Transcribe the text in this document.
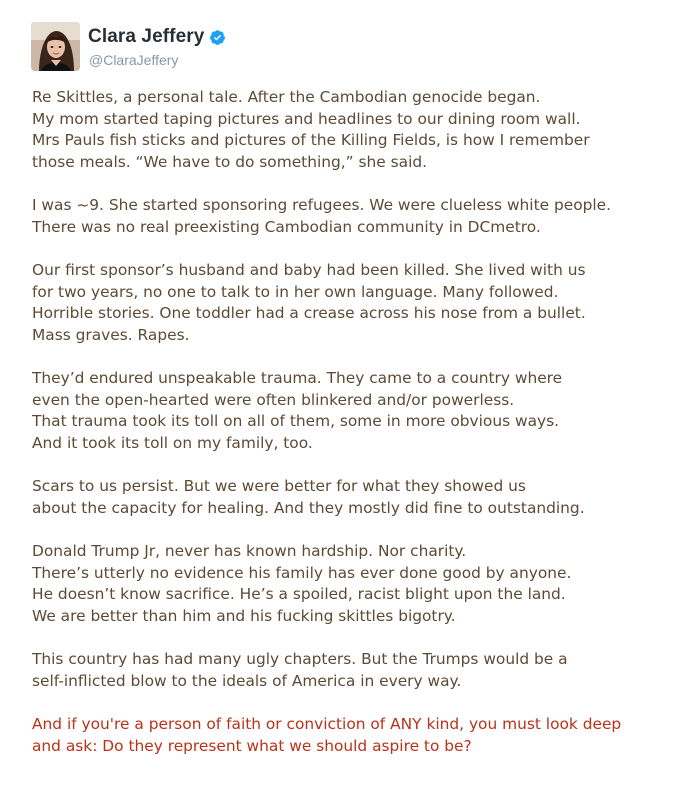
Clara Jeffery
@ClaraJeffery
Re Skittles, a personal tale. After the Cambodian genocide began.
My mom started taping pictures and headlines to our dining room wall.
Mrs Pauls fish sticks and pictures of the Killing Fields, is how I remember
those meals. “We have to do something,” she said.
I was ~9. She started sponsoring refugees. We were clueless white people.
There was no real preexisting Cambodian community in DCmetro.
Our first sponsor’s husband and baby had been killed. She lived with us
for two years, no one to talk to in her own language. Many followed.
Horrible stories. One toddler had a crease across his nose from a bullet.
Mass graves. Rapes.
They’d endured unspeakable trauma. They came to a country where
even the open-hearted were often blinkered and/or powerless.
That trauma took its toll on all of them, some in more obvious ways.
And it took its toll on my family, too.
Scars to us persist. But we were better for what they showed us
about the capacity for healing. And they mostly did fine to outstanding.
Donald Trump Jr, never has known hardship. Nor charity.
There’s utterly no evidence his family has ever done good by anyone.
He doesn’t know sacrifice. He’s a spoiled, racist blight upon the land.
We are better than him and his fucking skittles bigotry.
This country has had many ugly chapters. But the Trumps would be a
self-inflicted blow to the ideals of America in every way.
And if you're a person of faith or conviction of ANY kind, you must look deep
and ask: Do they represent what we should aspire to be?
